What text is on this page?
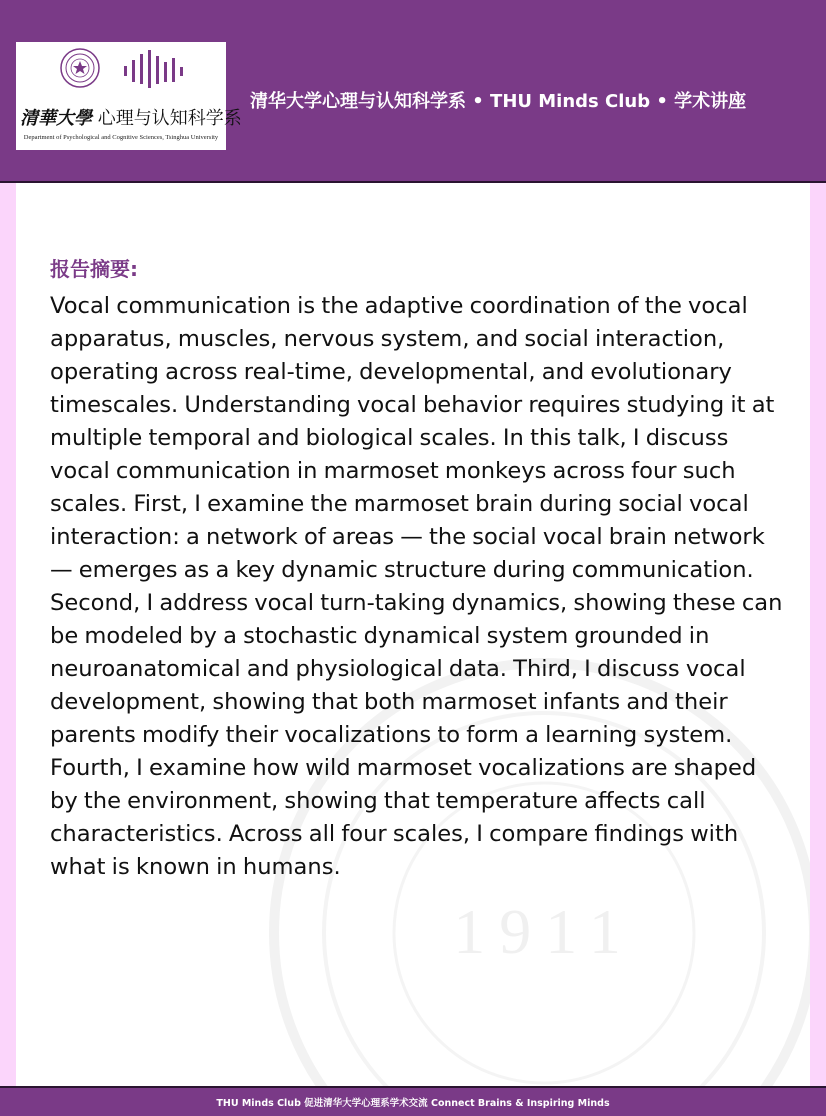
清華大學 心理与认知科学系
Department of Psychological and Cognitive Sciences, Tsinghua University
清华大学心理与认知科学系 • THU Minds Club • 学术讲座
1911
报告摘要:

Vocal communication is the adaptive coordination of the vocal apparatus, muscles, nervous system, and social interaction, operating across real-time, developmental, and evolutionary timescales. Understanding vocal behavior requires studying it at multiple temporal and biological scales. In this talk, I discuss vocal communication in marmoset monkeys across four such scales. First, I examine the marmoset brain during social vocal interaction: a network of areas — the social vocal brain network — emerges as a key dynamic structure during communication. Second, I address vocal turn-taking dynamics, showing these can be modeled by a stochastic dynamical system grounded in neuroanatomical and physiological data. Third, I discuss vocal development, showing that both marmoset infants and their parents modify their vocalizations to form a learning system. Fourth, I examine how wild marmoset vocalizations are shaped by the environment, showing that temperature affects call characteristics. Across all four scales, I compare findings with what is known in humans.

THU Minds Club 促进清华大学心理系学术交流 Connect Brains & Inspiring Minds
